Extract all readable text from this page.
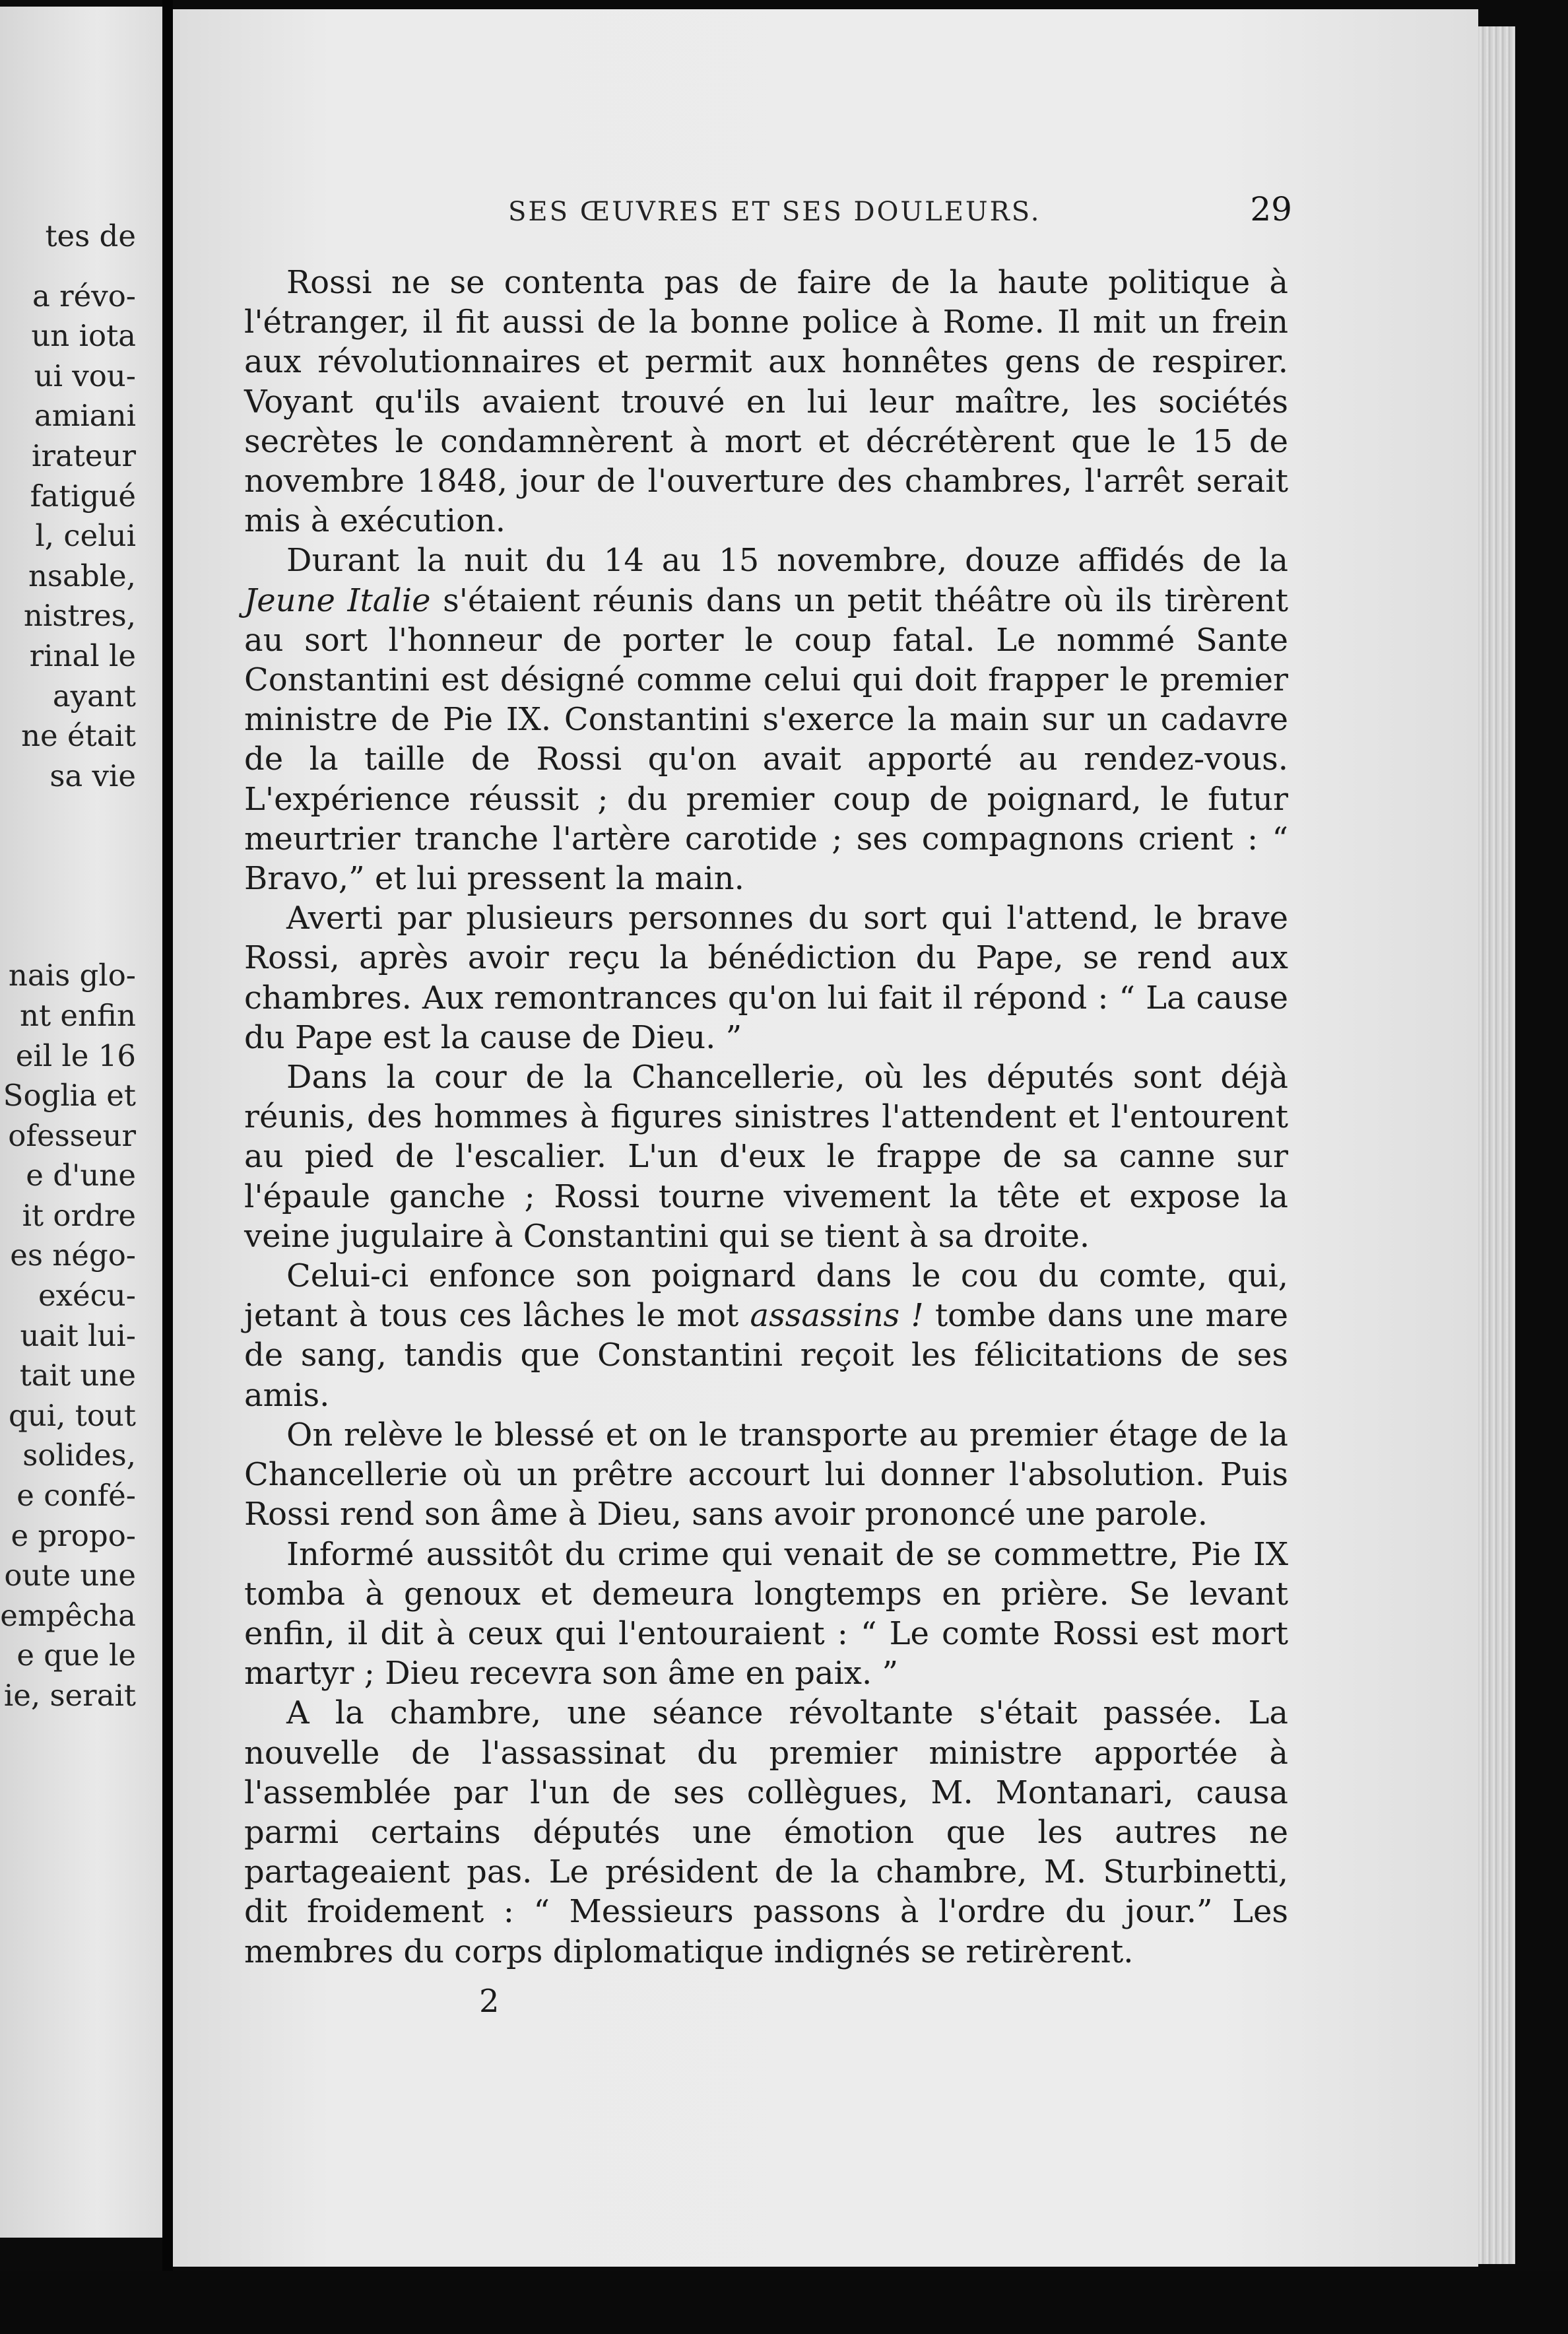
tes de
a révo-
un iota
ui vou-
amiani
irateur
fatigué
l, celui
nsable,
nistres,
rinal le
ayant
ne était
sa vie
nais glo-
nt enfin
eil le 16
Soglia et
ofesseur
e d'une
it ordre
es négo-
exécu-
uait lui-
tait une
qui, tout
solides,
e confé-
e propo-
oute une
empêcha
e que le
ie, serait
SES ŒUVRES ET SES DOULEURS.	29

Rossi ne se contenta pas de faire de la haute politique à l'étranger, il fit aussi de la bonne police à Rome. Il mit un frein aux révolutionnaires et permit aux honnêtes gens de respirer. Voyant qu'ils avaient trouvé en lui leur maître, les sociétés secrètes le condamnèrent à mort et décrétèrent que le 15 de novembre 1848, jour de l'ouverture des chambres, l'arrêt serait mis à exécution.

Durant la nuit du 14 au 15 novembre, douze affidés de la Jeune Italie s'étaient réunis dans un petit théâtre où ils tirèrent au sort l'honneur de porter le coup fatal. Le nommé Sante Constantini est désigné comme celui qui doit frapper le premier ministre de Pie IX. Constantini s'exerce la main sur un cadavre de la taille de Rossi qu'on avait apporté au rendez-vous. L'expérience réussit ; du premier coup de poignard, le futur meurtrier tranche l'artère carotide ; ses compagnons crient : “ Bravo,” et lui pressent la main.

Averti par plusieurs personnes du sort qui l'attend, le brave Rossi, après avoir reçu la bénédiction du Pape, se rend aux chambres. Aux remontrances qu'on lui fait il répond : “ La cause du Pape est la cause de Dieu. ”

Dans la cour de la Chancellerie, où les députés sont déjà réunis, des hommes à figures sinistres l'attendent et l'entourent au pied de l'escalier. L'un d'eux le frappe de sa canne sur l'épaule ganche ; Rossi tourne vivement la tête et expose la veine jugulaire à Constantini qui se tient à sa droite.

Celui-ci enfonce son poignard dans le cou du comte, qui, jetant à tous ces lâches le mot assassins ! tombe dans une mare de sang, tandis que Constantini reçoit les félicitations de ses amis.

On relève le blessé et on le transporte au premier étage de la Chancellerie où un prêtre accourt lui donner l'absolution. Puis Rossi rend son âme à Dieu, sans avoir prononcé une parole.

Informé aussitôt du crime qui venait de se commettre, Pie IX tomba à genoux et demeura longtemps en prière. Se levant enfin, il dit à ceux qui l'entouraient : “ Le comte Rossi est mort martyr ; Dieu recevra son âme en paix. ”

A la chambre, une séance révoltante s'était passée. La nouvelle de l'assassinat du premier ministre apportée à l'assemblée par l'un de ses collègues, M. Montanari, causa parmi certains députés une émotion que les autres ne partageaient pas. Le président de la chambre, M. Sturbinetti, dit froidement : “ Messieurs passons à l'ordre du jour.” Les membres du corps diplomatique indignés se retirèrent.

2
